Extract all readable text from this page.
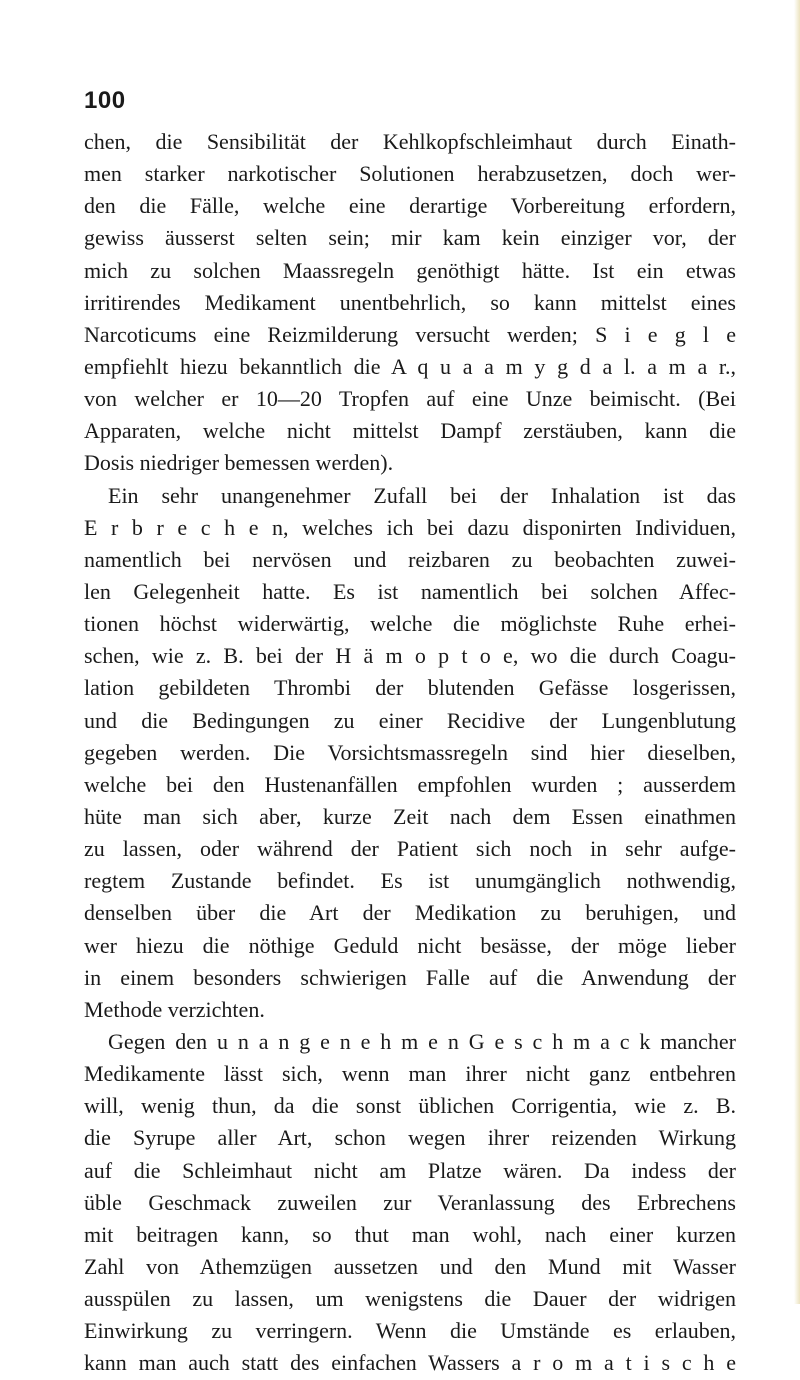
100
chen, die Sensibilität der Kehlkopfschleimhaut durch Einath-
men starker narkotischer Solutionen herabzusetzen, doch wer-
den die Fälle, welche eine derartige Vorbereitung erfordern,
gewiss äusserst selten sein; mir kam kein einziger vor, der
mich zu solchen Maassregeln genöthigt hätte. Ist ein etwas
irritirendes Medikament unentbehrlich, so kann mittelst eines
Narcoticums eine Reizmilderung versucht werden; S i e g l e
empfiehlt hiezu bekanntlich die A q u a a m y g d a l. a m a r.,
von welcher er 10—20 Tropfen auf eine Unze beimischt. (Bei
Apparaten, welche nicht mittelst Dampf zerstäuben, kann die
Dosis niedriger bemessen werden).
Ein sehr unangenehmer Zufall bei der Inhalation ist das
E r b r e c h e n, welches ich bei dazu disponirten Individuen,
namentlich bei nervösen und reizbaren zu beobachten zuwei-
len Gelegenheit hatte. Es ist namentlich bei solchen Affec-
tionen höchst widerwärtig, welche die möglichste Ruhe erhei-
schen, wie z. B. bei der H ä m o p t o e, wo die durch Coagu-
lation gebildeten Thrombi der blutenden Gefässe losgerissen,
und die Bedingungen zu einer Recidive der Lungenblutung
gegeben werden. Die Vorsichtsmassregeln sind hier dieselben,
welche bei den Hustenanfällen empfohlen wurden ; ausserdem
hüte man sich aber, kurze Zeit nach dem Essen einathmen
zu lassen, oder während der Patient sich noch in sehr aufge-
regtem Zustande befindet. Es ist unumgänglich nothwendig,
denselben über die Art der Medikation zu beruhigen, und
wer hiezu die nöthige Geduld nicht besässe, der möge lieber
in einem besonders schwierigen Falle auf die Anwendung der
Methode verzichten.
Gegen den u n a n g e n e h m e n G e s c h m a c k mancher
Medikamente lässt sich, wenn man ihrer nicht ganz entbehren
will, wenig thun, da die sonst üblichen Corrigentia, wie z. B.
die Syrupe aller Art, schon wegen ihrer reizenden Wirkung
auf die Schleimhaut nicht am Platze wären. Da indess der
üble Geschmack zuweilen zur Veranlassung des Erbrechens
mit beitragen kann, so thut man wohl, nach einer kurzen
Zahl von Athemzügen aussetzen und den Mund mit Wasser
ausspülen zu lassen, um wenigstens die Dauer der widrigen
Einwirkung zu verringern. Wenn die Umstände es erlauben,
kann man auch statt des einfachen Wassers a r o m a t i s c h e
